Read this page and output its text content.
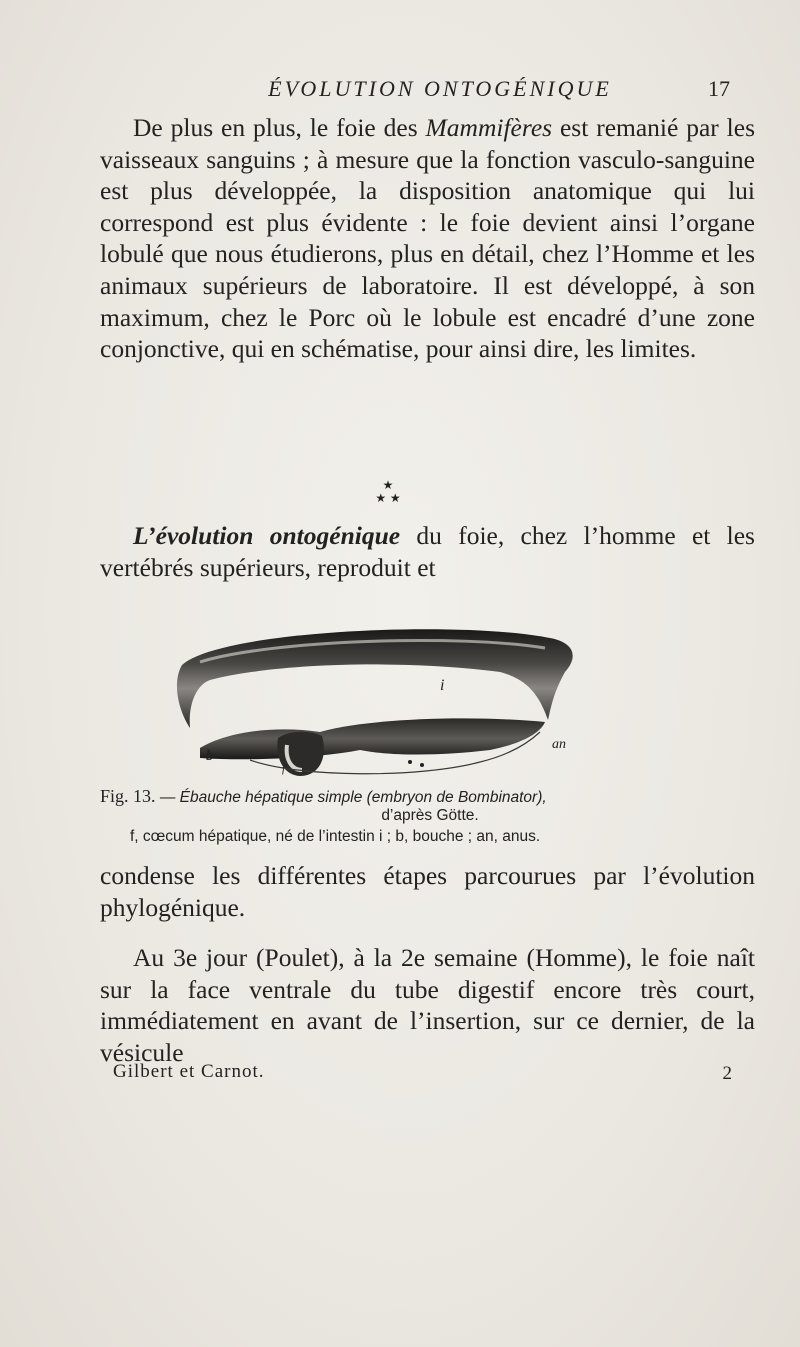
ÉVOLUTION ONTOGÉNIQUE	17

De plus en plus, le foie des Mammifères est remanié par les vaisseaux sanguins ; à mesure que la fonction vasculo-sanguine est plus développée, la disposition anatomique qui lui correspond est plus évidente : le foie devient ainsi l’organe lobulé que nous étudierons, plus en détail, chez l’Homme et les animaux supérieurs de laboratoire. Il est développé, à son maximum, chez le Porc où le lobule est encadré d’une zone conjonctive, qui en schématise, pour ainsi dire, les limites.

★
★ ★

L’évolution ontogénique du foie, chez l’homme et les vertébrés supérieurs, reproduit et

i
b
an
f
Fig. 13. — Ébauche hépatique simple (embryon de Bombinator),
d’après Götte.
f, cœcum hépatique, né de l’intestin i ; b, bouche ; an, anus.

condense les différentes étapes parcourues par l’évolution phylogénique.

Au 3e jour (Poulet), à la 2e semaine (Homme), le foie naît sur la face ventrale du tube digestif encore très court, immédiatement en avant de l’insertion, sur ce dernier, de la vésicule

Gilbert et Carnot.	2
